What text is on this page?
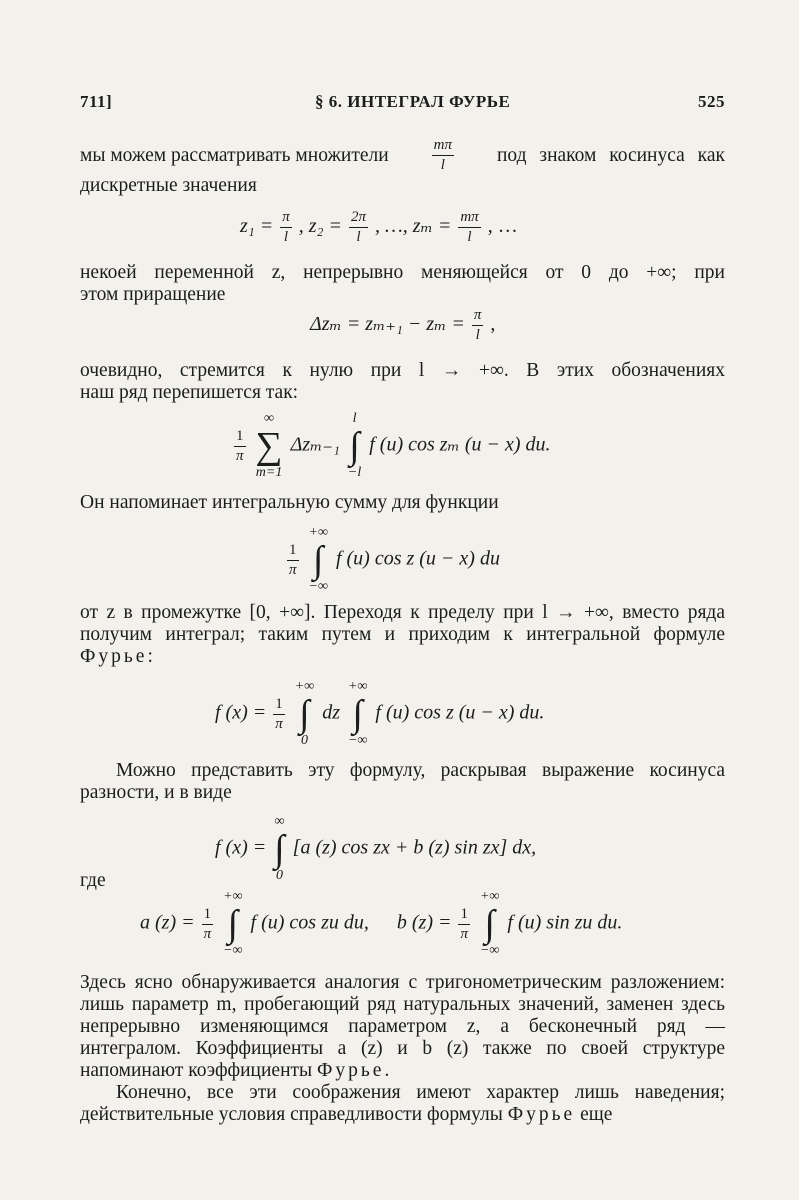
711]	§ 6. ИНТЕГРАЛ ФУРЬЕ	525
мы можем рассматривать множители	$\frac{m\pi}{l}$ под знаком косинуса как
дискретные значения
$z_1 = \frac{\pi}{l}$ , $z_2 = \frac{2\pi}{l}$ , …, $z_m = \frac{m\pi}{l}$ , …
некоей переменной z, непрерывно меняющейся от 0 до +∞; при
этом приращение
$\Delta z_m = z_{m+1} - z_m = \frac{\pi}{l}$ ,
очевидно, стремится к нулю при l → +∞. В этих обозначениях
наш ряд перепишется так:
$\frac{1}{\pi}$

∞
∑
m=1
Δzₘ₋₁
l
∫
−l
f (u) cos zₘ (u − x) du.
Он напоминает интегральную сумму для функции
$\frac{1}{\pi}$

+∞
∫
−∞
f (u) cos z (u − x) du

от z в промежутке [0, +∞]. Переходя к пределу при l → +∞, вместо ряда получим интеграл; таким путем и приходим к интегральной формуле Фурье:

f $(x) = \frac{1}{\pi}$

+∞
∫
0
dz
+∞
∫
−∞
f (u) cos z (u − x) du.

Можно представить эту формулу, раскрывая выражение косинуса разности, и в виде

f (x) =
∞
∫
0
[a (z) cos zx + b (z) sin zx] dx,
где
a $(z) = \frac{1}{\pi}$

+∞
∫
−∞
f (u) cos zu du, b $(z) = \frac{1}{\pi}$

+∞
∫
−∞
f (u) sin zu du.

Здесь ясно обнаруживается аналогия с тригонометрическим разложением: лишь параметр m, пробегающий ряд натуральных значений, заменен здесь непрерывно изменяющимся параметром z, а бесконечный ряд — интегралом. Коэффициенты a (z) и b (z) также по своей структуре напоминают коэффициенты Фурье.

Конечно, все эти соображения имеют характер лишь наведения; действительные условия справедливости формулы Фурье еще
